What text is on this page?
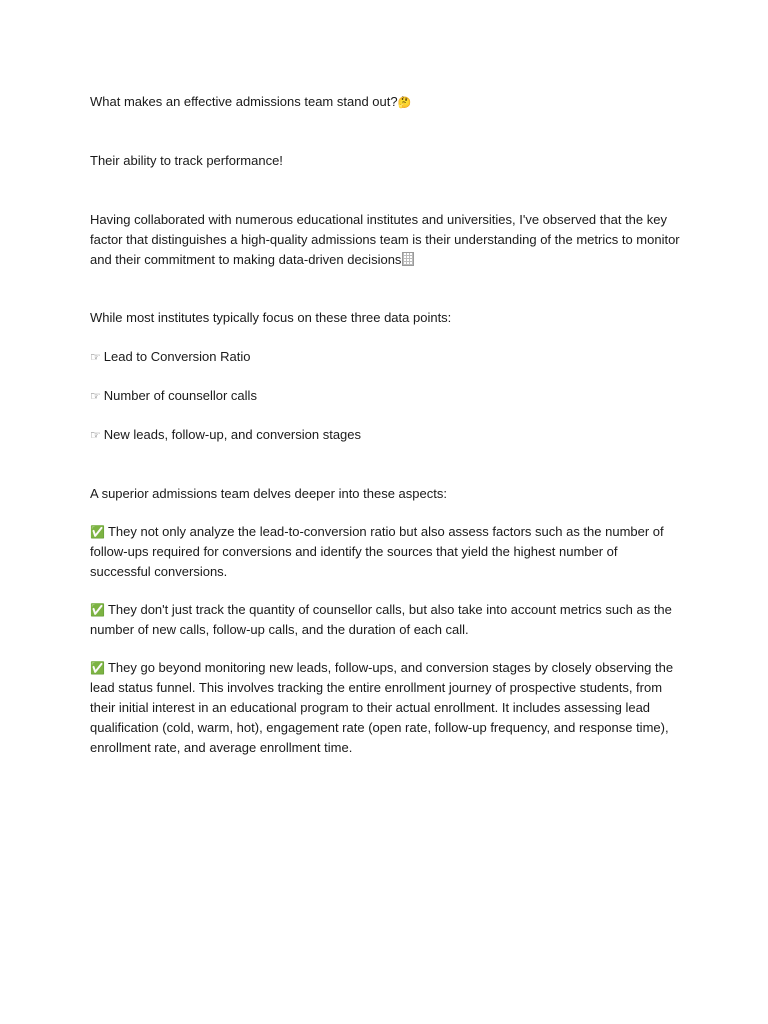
What makes an effective admissions team stand out?🤔

Their ability to track performance!

Having collaborated with numerous educational institutes and universities, I've observed that the key factor that distinguishes a high-quality admissions team is their understanding of the metrics to monitor and their commitment to making data-driven decisions

While most institutes typically focus on these three data points:

☞ Lead to Conversion Ratio

☞ Number of counsellor calls

☞ New leads, follow-up, and conversion stages

A superior admissions team delves deeper into these aspects:

✅ They not only analyze the lead-to-conversion ratio but also assess factors such as the number of follow-ups required for conversions and identify the sources that yield the highest number of successful conversions.

✅ They don't just track the quantity of counsellor calls, but also take into account metrics such as the number of new calls, follow-up calls, and the duration of each call.

✅ They go beyond monitoring new leads, follow-ups, and conversion stages by closely observing the lead status funnel. This involves tracking the entire enrollment journey of prospective students, from their initial interest in an educational program to their actual enrollment. It includes assessing lead qualification (cold, warm, hot), engagement rate (open rate, follow-up frequency, and response time), enrollment rate, and average enrollment time.
